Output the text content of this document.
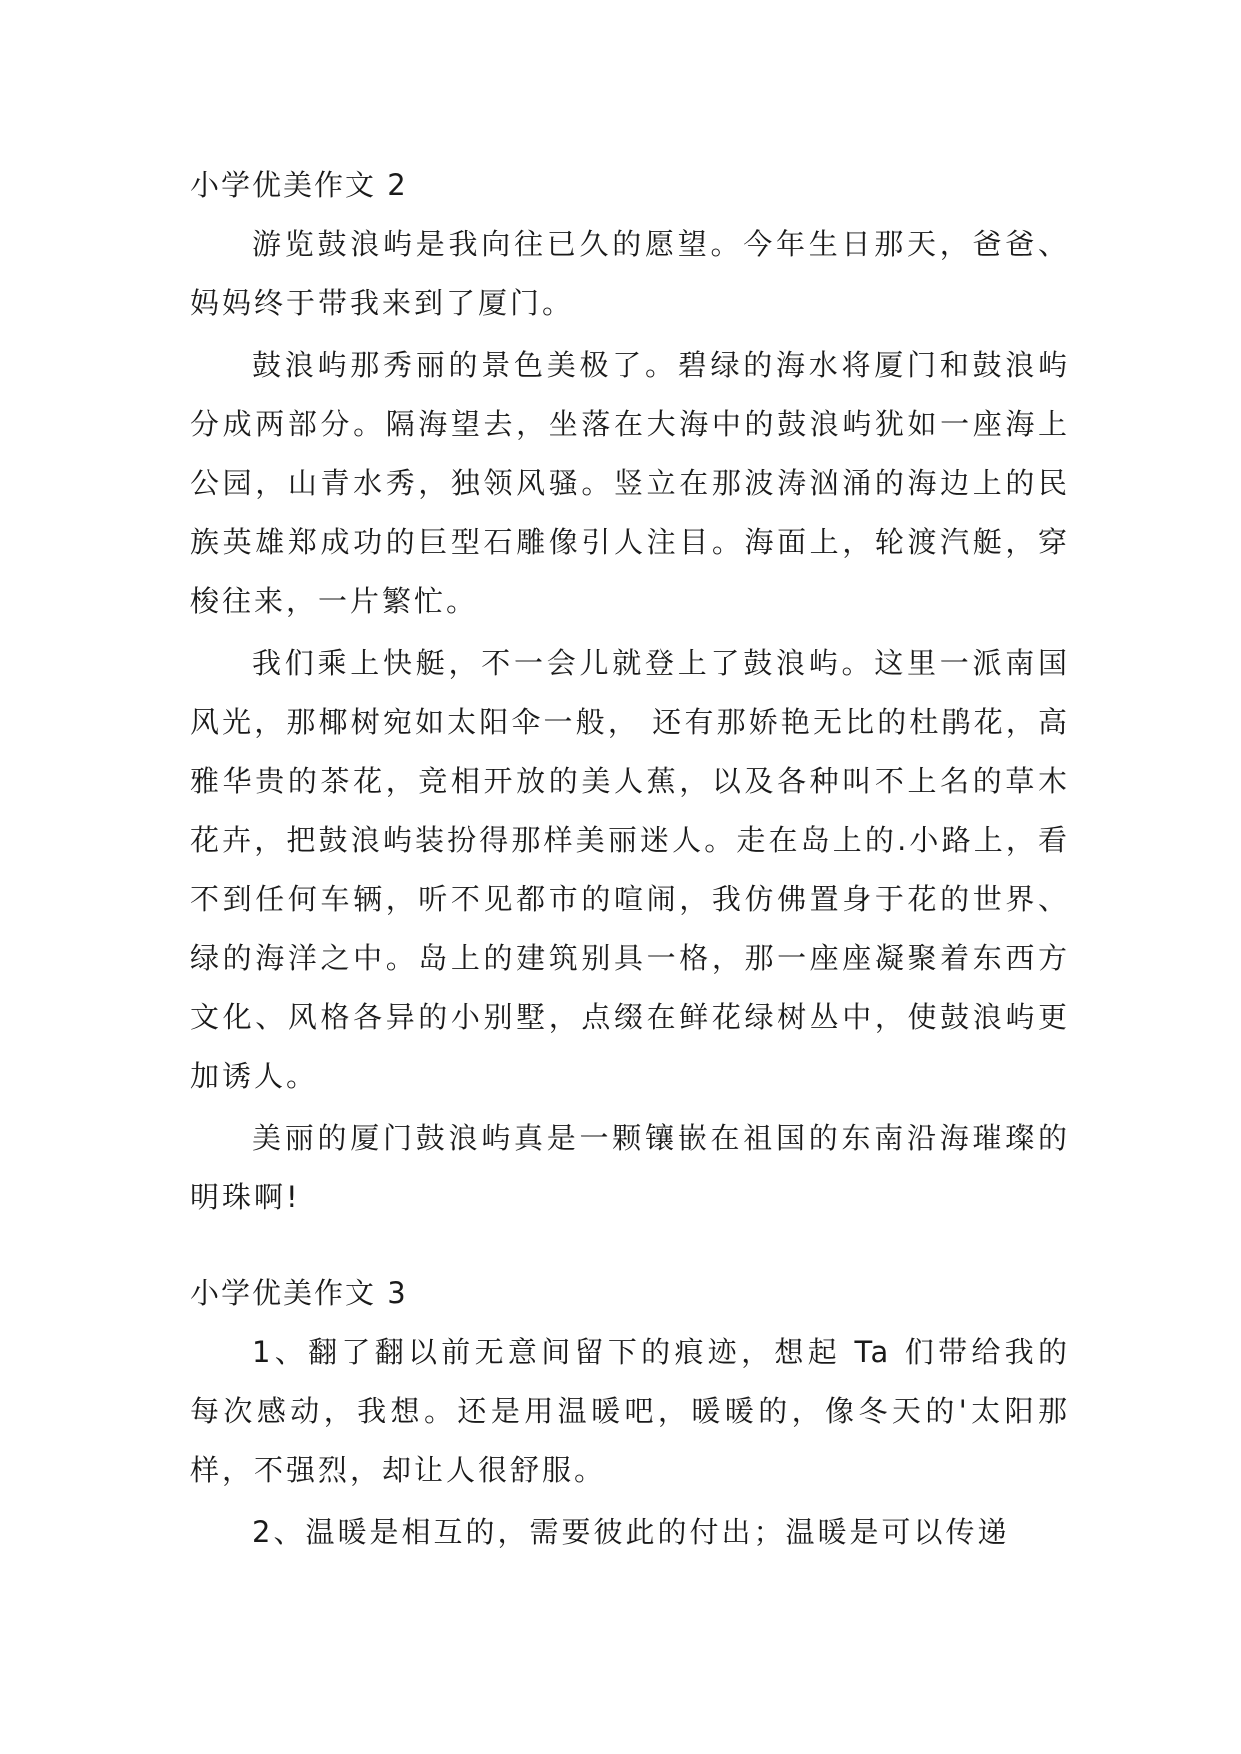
小学优美作文 2

游览鼓浪屿是我向往已久的愿望。今年生日那天，爸爸、妈妈终于带我来到了厦门。

鼓浪屿那秀丽的景色美极了。碧绿的海水将厦门和鼓浪屿分成两部分。隔海望去，坐落在大海中的鼓浪屿犹如一座海上公园，山青水秀，独领风骚。竖立在那波涛汹涌的海边上的民族英雄郑成功的巨型石雕像引人注目。海面上，轮渡汽艇，穿梭往来，一片繁忙。

我们乘上快艇，不一会儿就登上了鼓浪屿。这里一派南国风光，那椰树宛如太阳伞一般， 还有那娇艳无比的杜鹃花，高雅华贵的茶花，竞相开放的美人蕉，以及各种叫不上名的草木花卉，把鼓浪屿装扮得那样美丽迷人。走在岛上的.小路上，看不到任何车辆，听不见都市的喧闹，我仿佛置身于花的世界、绿的海洋之中。岛上的建筑别具一格，那一座座凝聚着东西方文化、风格各异的小别墅，点缀在鲜花绿树丛中，使鼓浪屿更加诱人。

美丽的厦门鼓浪屿真是一颗镶嵌在祖国的东南沿海璀璨的明珠啊!

小学优美作文 3

1、翻了翻以前无意间留下的痕迹，想起 Ta 们带给我的每次感动，我想。还是用温暖吧，暖暖的，像冬天的'太阳那样，不强烈，却让人很舒服。

2、温暖是相互的，需要彼此的付出；温暖是可以传递
